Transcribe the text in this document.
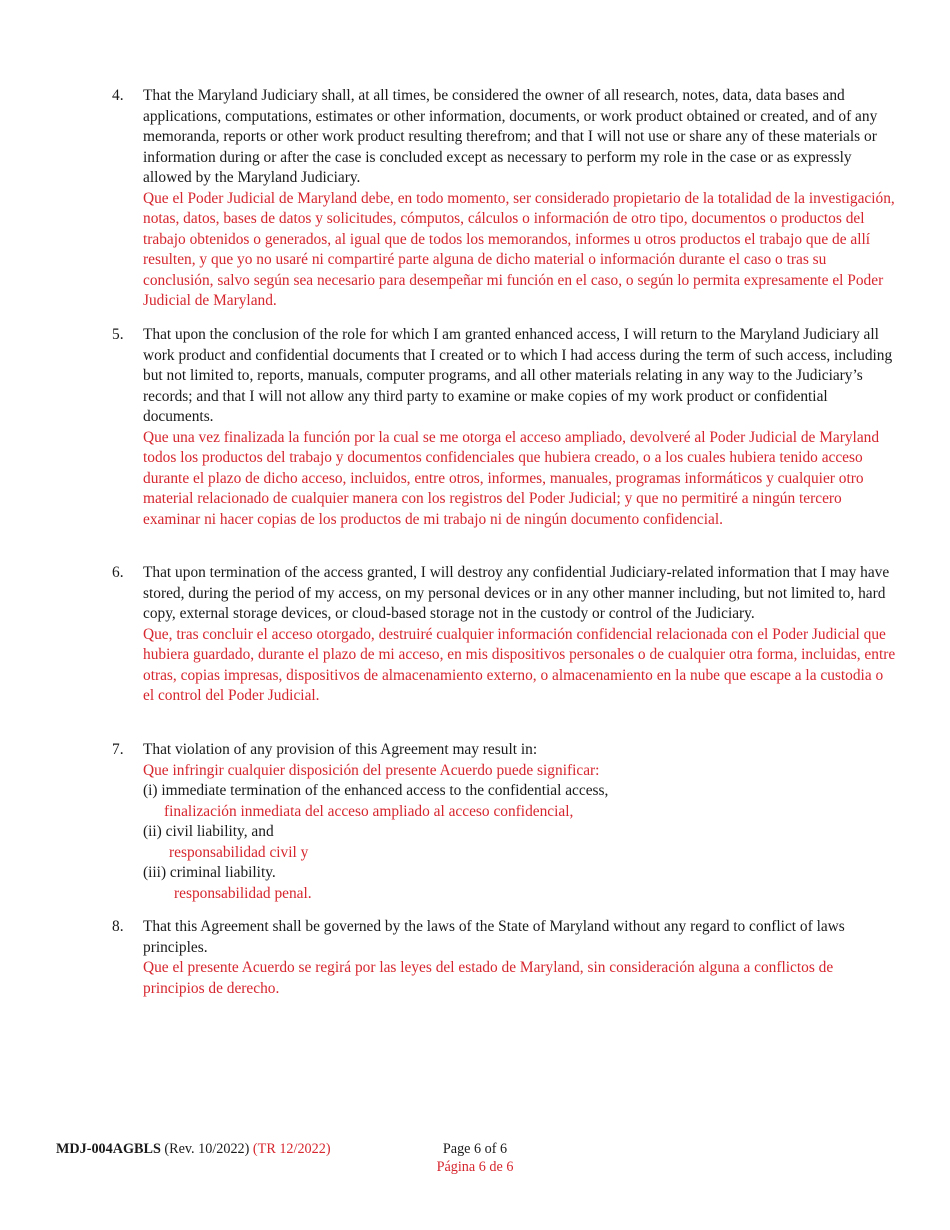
4.	That the Maryland Judiciary shall, at all times, be considered the owner of all research, notes, data, data bases and applications, computations, estimates or other information, documents, or work product obtained or created, and of any memoranda, reports or other work product resulting therefrom; and that I will not use or share any of these materials or information during or after the case is concluded except as necessary to perform my role in the case or as expressly allowed by the Maryland Judiciary.
Que el Poder Judicial de Maryland debe, en todo momento, ser considerado propietario de la totalidad de la investigación, notas, datos, bases de datos y solicitudes, cómputos, cálculos o información de otro tipo, documentos o productos del trabajo obtenidos o generados, al igual que de todos los memorandos, informes u otros productos el trabajo que de allí resulten, y que yo no usaré ni compartiré parte alguna de dicho material o información durante el caso o tras su conclusión, salvo según sea necesario para desempeñar mi función en el caso, o según lo permita expresamente el Poder Judicial de Maryland.
5.	That upon the conclusion of the role for which I am granted enhanced access, I will return to the Maryland Judiciary all work product and confidential documents that I created or to which I had access during the term of such access, including but not limited to, reports, manuals, computer programs, and all other materials relating in any way to the Judiciary’s records; and that I will not allow any third party to examine or make copies of my work product or confidential documents.
Que una vez finalizada la función por la cual se me otorga el acceso ampliado, devolveré al Poder Judicial de Maryland todos los productos del trabajo y documentos confidenciales que hubiera creado, o a los cuales hubiera tenido acceso durante el plazo de dicho acceso, incluidos, entre otros, informes, manuales, programas informáticos y cualquier otro material relacionado de cualquier manera con los registros del Poder Judicial; y que no permitiré a ningún tercero examinar ni hacer copias de los productos de mi trabajo ni de ningún documento confidencial.
6.	That upon termination of the access granted, I will destroy any confidential Judiciary-related information that I may have stored, during the period of my access, on my personal devices or in any other manner including, but not limited to, hard copy, external storage devices, or cloud-based storage not in the custody or control of the Judiciary.
Que, tras concluir el acceso otorgado, destruiré cualquier información confidencial relacionada con el Poder Judicial que hubiera guardado, durante el plazo de mi acceso, en mis dispositivos personales o de cualquier otra forma, incluidas, entre otras, copias impresas, dispositivos de almacenamiento externo, o almacenamiento en la nube que escape a la custodia o el control del Poder Judicial.
7.	That violation of any provision of this Agreement may result in:
Que infringir cualquier disposición del presente Acuerdo puede significar:
(i) immediate termination of the enhanced access to the confidential access,
finalización inmediata del acceso ampliado al acceso confidencial,
(ii) civil liability, and
responsabilidad civil y
(iii) criminal liability.
responsabilidad penal.
8.	That this Agreement shall be governed by the laws of the State of Maryland without any regard to conflict of laws principles.
Que el presente Acuerdo se regirá por las leyes del estado de Maryland, sin consideración alguna a conflictos de principios de derecho.
MDJ-004AGBLS (Rev. 10/2022) (TR 12/2022)	Page 6 of 6
Página 6 de 6
